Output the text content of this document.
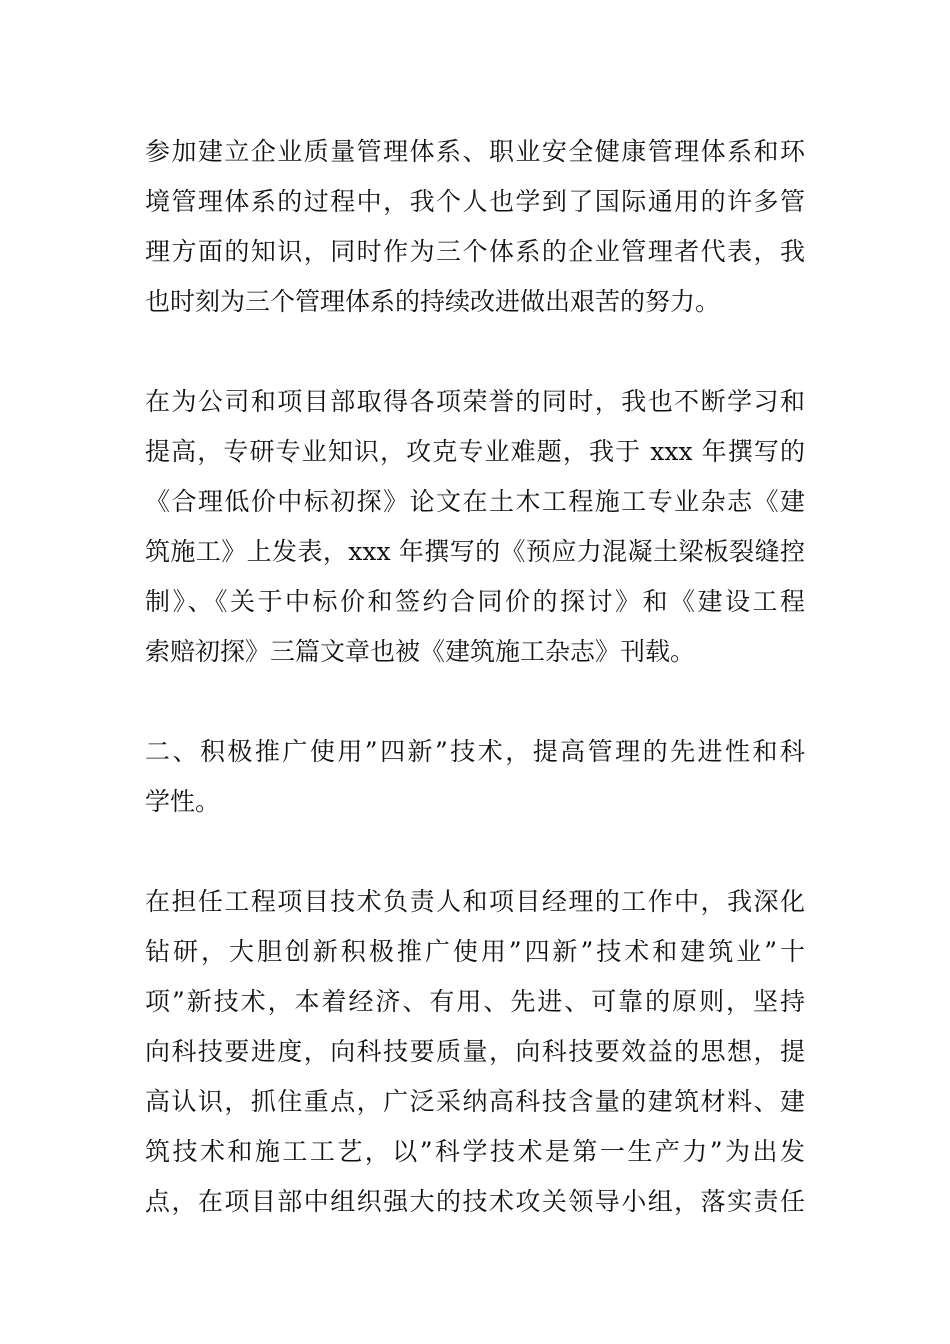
参加建立企业质量管理体系、职业安全健康管理体系和环
境管理体系的过程中，我个人也学到了国际通用的许多管
理方面的知识，同时作为三个体系的企业管理者代表，我
也时刻为三个管理体系的持续改进做出艰苦的努力。

在为公司和项目部取得各项荣誉的同时，我也不断学习和
提高，专研专业知识，攻克专业难题，我于 xxx 年撰写的
《合理低价中标初探》论文在土木工程施工专业杂志《建
筑施工》上发表，xxx 年撰写的《预应力混凝土梁板裂缝控
制》、《关于中标价和签约合同价的探讨》和《建设工程
索赔初探》三篇文章也被《建筑施工杂志》刊载。

二、积极推广使用”四新”技术，提高管理的先进性和科
学性。

在担任工程项目技术负责人和项目经理的工作中，我深化
钻研，大胆创新积极推广使用”四新”技术和建筑业”十
项”新技术，本着经济、有用、先进、可靠的原则，坚持
向科技要进度，向科技要质量，向科技要效益的思想，提
高认识，抓住重点，广泛采纳高科技含量的建筑材料、建
筑技术和施工工艺，以”科学技术是第一生产力”为出发
点，在项目部中组织强大的技术攻关领导小组，落实责任
